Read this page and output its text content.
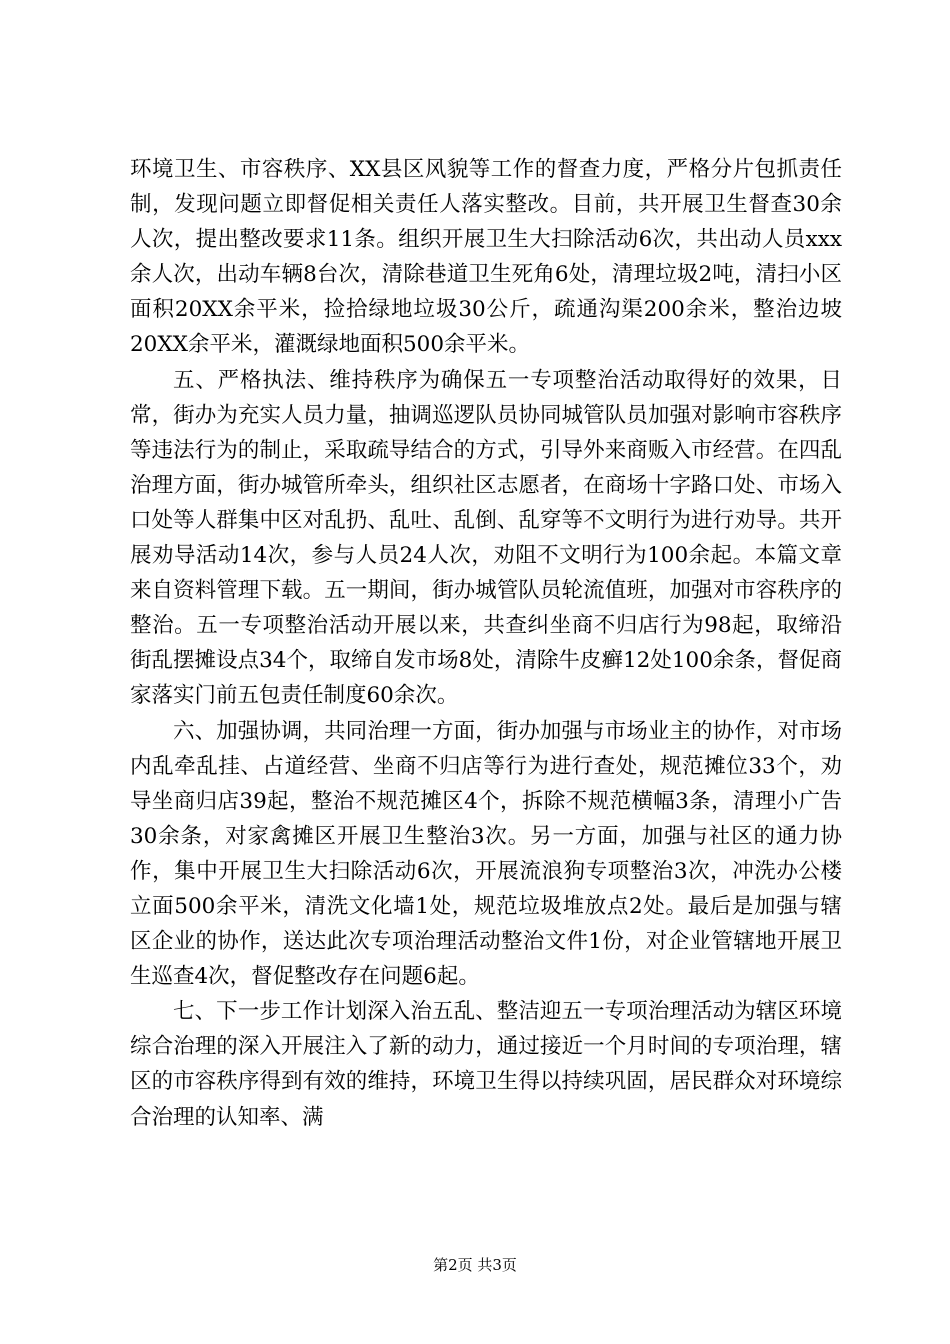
环境卫生、市容秩序、XX县区风貌等工作的督查力度，严格分片包抓责任制，发现问题立即督促相关责任人落实整改。目前，共开展卫生督查30余人次，提出整改要求11条。组织开展卫生大扫除活动6次，共出动人员xxx余人次，出动车辆8台次，清除巷道卫生死角6处，清理垃圾2吨，清扫小区面积20XX余平米，捡拾绿地垃圾30公斤，疏通沟渠200余米，整治边坡20XX余平米，灌溉绿地面积500余平米。

五、严格执法、维持秩序为确保五一专项整治活动取得好的效果，日常，街办为充实人员力量，抽调巡逻队员协同城管队员加强对影响市容秩序等违法行为的制止，采取疏导结合的方式，引导外来商贩入市经营。在四乱治理方面，街办城管所牵头，组织社区志愿者，在商场十字路口处、市场入口处等人群集中区对乱扔、乱吐、乱倒、乱穿等不文明行为进行劝导。共开展劝导活动14次，参与人员24人次，劝阻不文明行为100余起。本篇文章来自资料管理下载。五一期间，街办城管队员轮流值班，加强对市容秩序的整治。五一专项整治活动开展以来，共查纠坐商不归店行为98起，取缔沿街乱摆摊设点34个，取缔自发市场8处，清除牛皮癣12处100余条，督促商家落实门前五包责任制度60余次。

六、加强协调，共同治理一方面，街办加强与市场业主的协作，对市场内乱牵乱挂、占道经营、坐商不归店等行为进行查处，规范摊位33个，劝导坐商归店39起，整治不规范摊区4个，拆除不规范横幅3条，清理小广告30余条，对家禽摊区开展卫生整治3次。另一方面，加强与社区的通力协作，集中开展卫生大扫除活动6次，开展流浪狗专项整治3次，冲洗办公楼立面500余平米，清洗文化墙1处，规范垃圾堆放点2处。最后是加强与辖区企业的协作，送达此次专项治理活动整治文件1份，对企业管辖地开展卫生巡查4次，督促整改存在问题6起。

七、下一步工作计划深入治五乱、整洁迎五一专项治理活动为辖区环境综合治理的深入开展注入了新的动力，通过接近一个月时间的专项治理，辖区的市容秩序得到有效的维持，环境卫生得以持续巩固，居民群众对环境综合治理的认知率、满

第2页 共3页
